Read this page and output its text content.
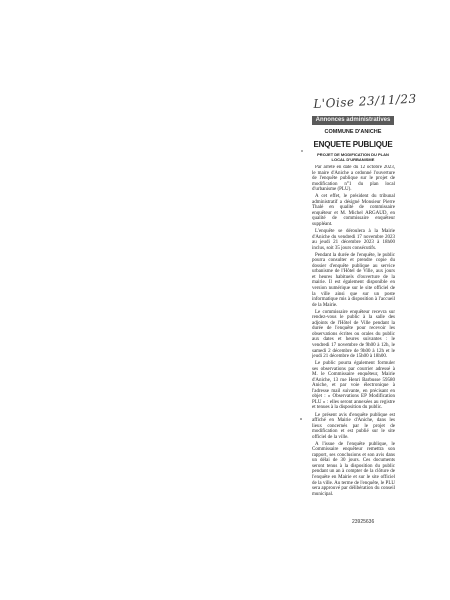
L'Oise 23/11/23
Annonces administratives
COMMUNE D'ANICHE
ENQUETE PUBLIQUE
PROJET DE MODIFICATION DU PLAN LOCAL D'URBANISME

Par arrêté en date du 12 octobre 2023, le maire d'Aniche a ordonné l'ouverture de l'enquête publique sur le projet de modification n°1 du plan local d'urbanisme (PLU).

A cet effet, le président du tribunal administratif a désigné Monsieur Pierre Thalé en qualité de commissaire enquêteur et M. Michel ARGAUD, en qualité de commissaire enquêteur suppléant.

L'enquête se déroulera à la Mairie d'Aniche du vendredi 17 novembre 2023 au jeudi 21 décembre 2023 à 18h00 inclus, soit 35 jours consécutifs.

Pendant la durée de l'enquête, le public pourra consulter et prendre copie du dossier d'enquête publique au service urbanisme de l'Hôtel de Ville, aux jours et heures habituels d'ouverture de la mairie. Il est également disponible en version numérique sur le site officiel de la ville ainsi que sur un poste informatique mis à disposition à l'accueil de la Mairie.

Le commissaire enquêteur recevra sur rendez-vous le public à la salle des adjoints de l'Hôtel de Ville pendant la durée de l'enquête pour recevoir les observations écrites ou orales du public aux dates et heures suivantes : le vendredi 17 novembre de 9h00 à 12h, le samedi 2 décembre de 9h00 à 12h et le jeudi 21 décembre de 15h00 à 18h00.

Le public pourra également formuler ses observations par courrier adressé à M. le Commissaire enquêteur, Mairie d'Aniche, 13 rue Henri Barbusse 59580 Aniche, et par voie électronique à l'adresse mail suivante, en précisant en objet : « Observations EP Modification PLU » : elles seront annexées au registre et tenues à la disposition du public.

Le présent avis d'enquête publique est affiché en Mairie d'Aniche, dans les lieux concernés par le projet de modification et est publié sur le site officiel de la ville.

A l'issue de l'enquête publique, le Commissaire enquêteur remettra son rapport, ses conclusions et son avis dans un délai de 30 jours. Ces documents seront tenus à la disposition du public pendant un an à compter de la clôture de l'enquête en Mairie et sur le site officiel de la ville. Au terme de l'enquête, le PLU sera approuvé par délibération du conseil municipal.

23925636
